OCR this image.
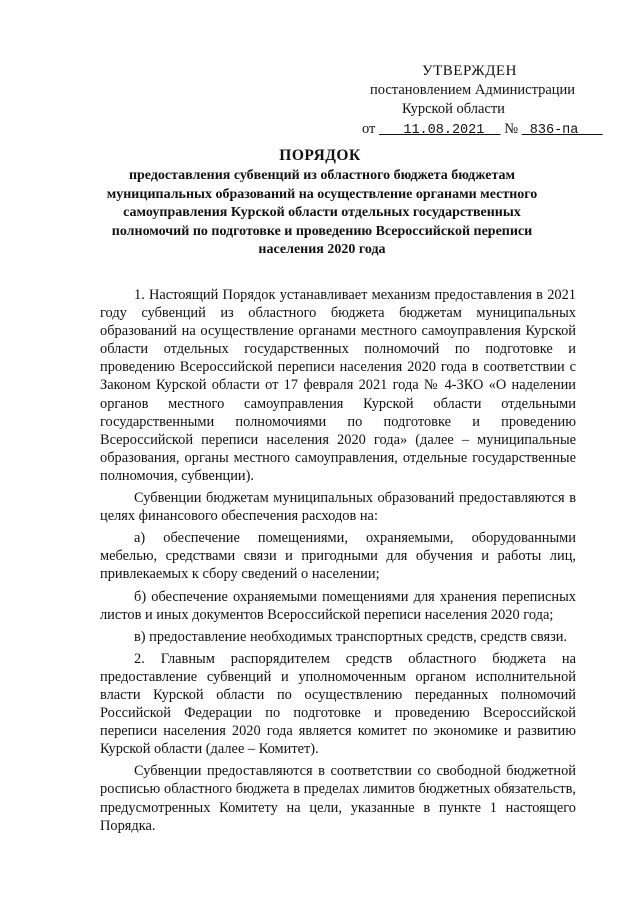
УТВЕРЖДЕН
постановлением Администрации
Курской области
от 11.08.2021 № 836-па
ПОРЯДОК
предоставления субвенций из областного бюджета бюджетам муниципальных образований на осуществление органами местного самоуправления Курской области отдельных государственных полномочий по подготовке и проведению Всероссийской переписи населения 2020 года

1. Настоящий Порядок устанавливает механизм предоставления в 2021 году субвенций из областного бюджета бюджетам муниципальных образований на осуществление органами местного самоуправления Курской области отдельных государственных полномочий по подготовке и проведению Всероссийской переписи населения 2020 года в соответствии с Законом Курской области от 17 февраля 2021 года № 4-ЗКО «О наделении органов местного самоуправления Курской области отдельными государственными полномочиями по подготовке и проведению Всероссийской переписи населения 2020 года» (далее – муниципальные образования, органы местного самоуправления, отдельные государственные полномочия, субвенции).

Субвенции бюджетам муниципальных образований предоставляются в целях финансового обеспечения расходов на:

а) обеспечение помещениями, охраняемыми, оборудованными мебелью, средствами связи и пригодными для обучения и работы лиц, привлекаемых к сбору сведений о населении;

б) обеспечение охраняемыми помещениями для хранения переписных листов и иных документов Всероссийской переписи населения 2020 года;

в) предоставление необходимых транспортных средств, средств связи.

2. Главным распорядителем средств областного бюджета на предоставление субвенций и уполномоченным органом исполнительной власти Курской области по осуществлению переданных полномочий Российской Федерации по подготовке и проведению Всероссийской переписи населения 2020 года является комитет по экономике и развитию Курской области (далее – Комитет).

Субвенции предоставляются в соответствии со свободной бюджетной росписью областного бюджета в пределах лимитов бюджетных обязательств, предусмотренных Комитету на цели, указанные в пункте 1 настоящего Порядка.
